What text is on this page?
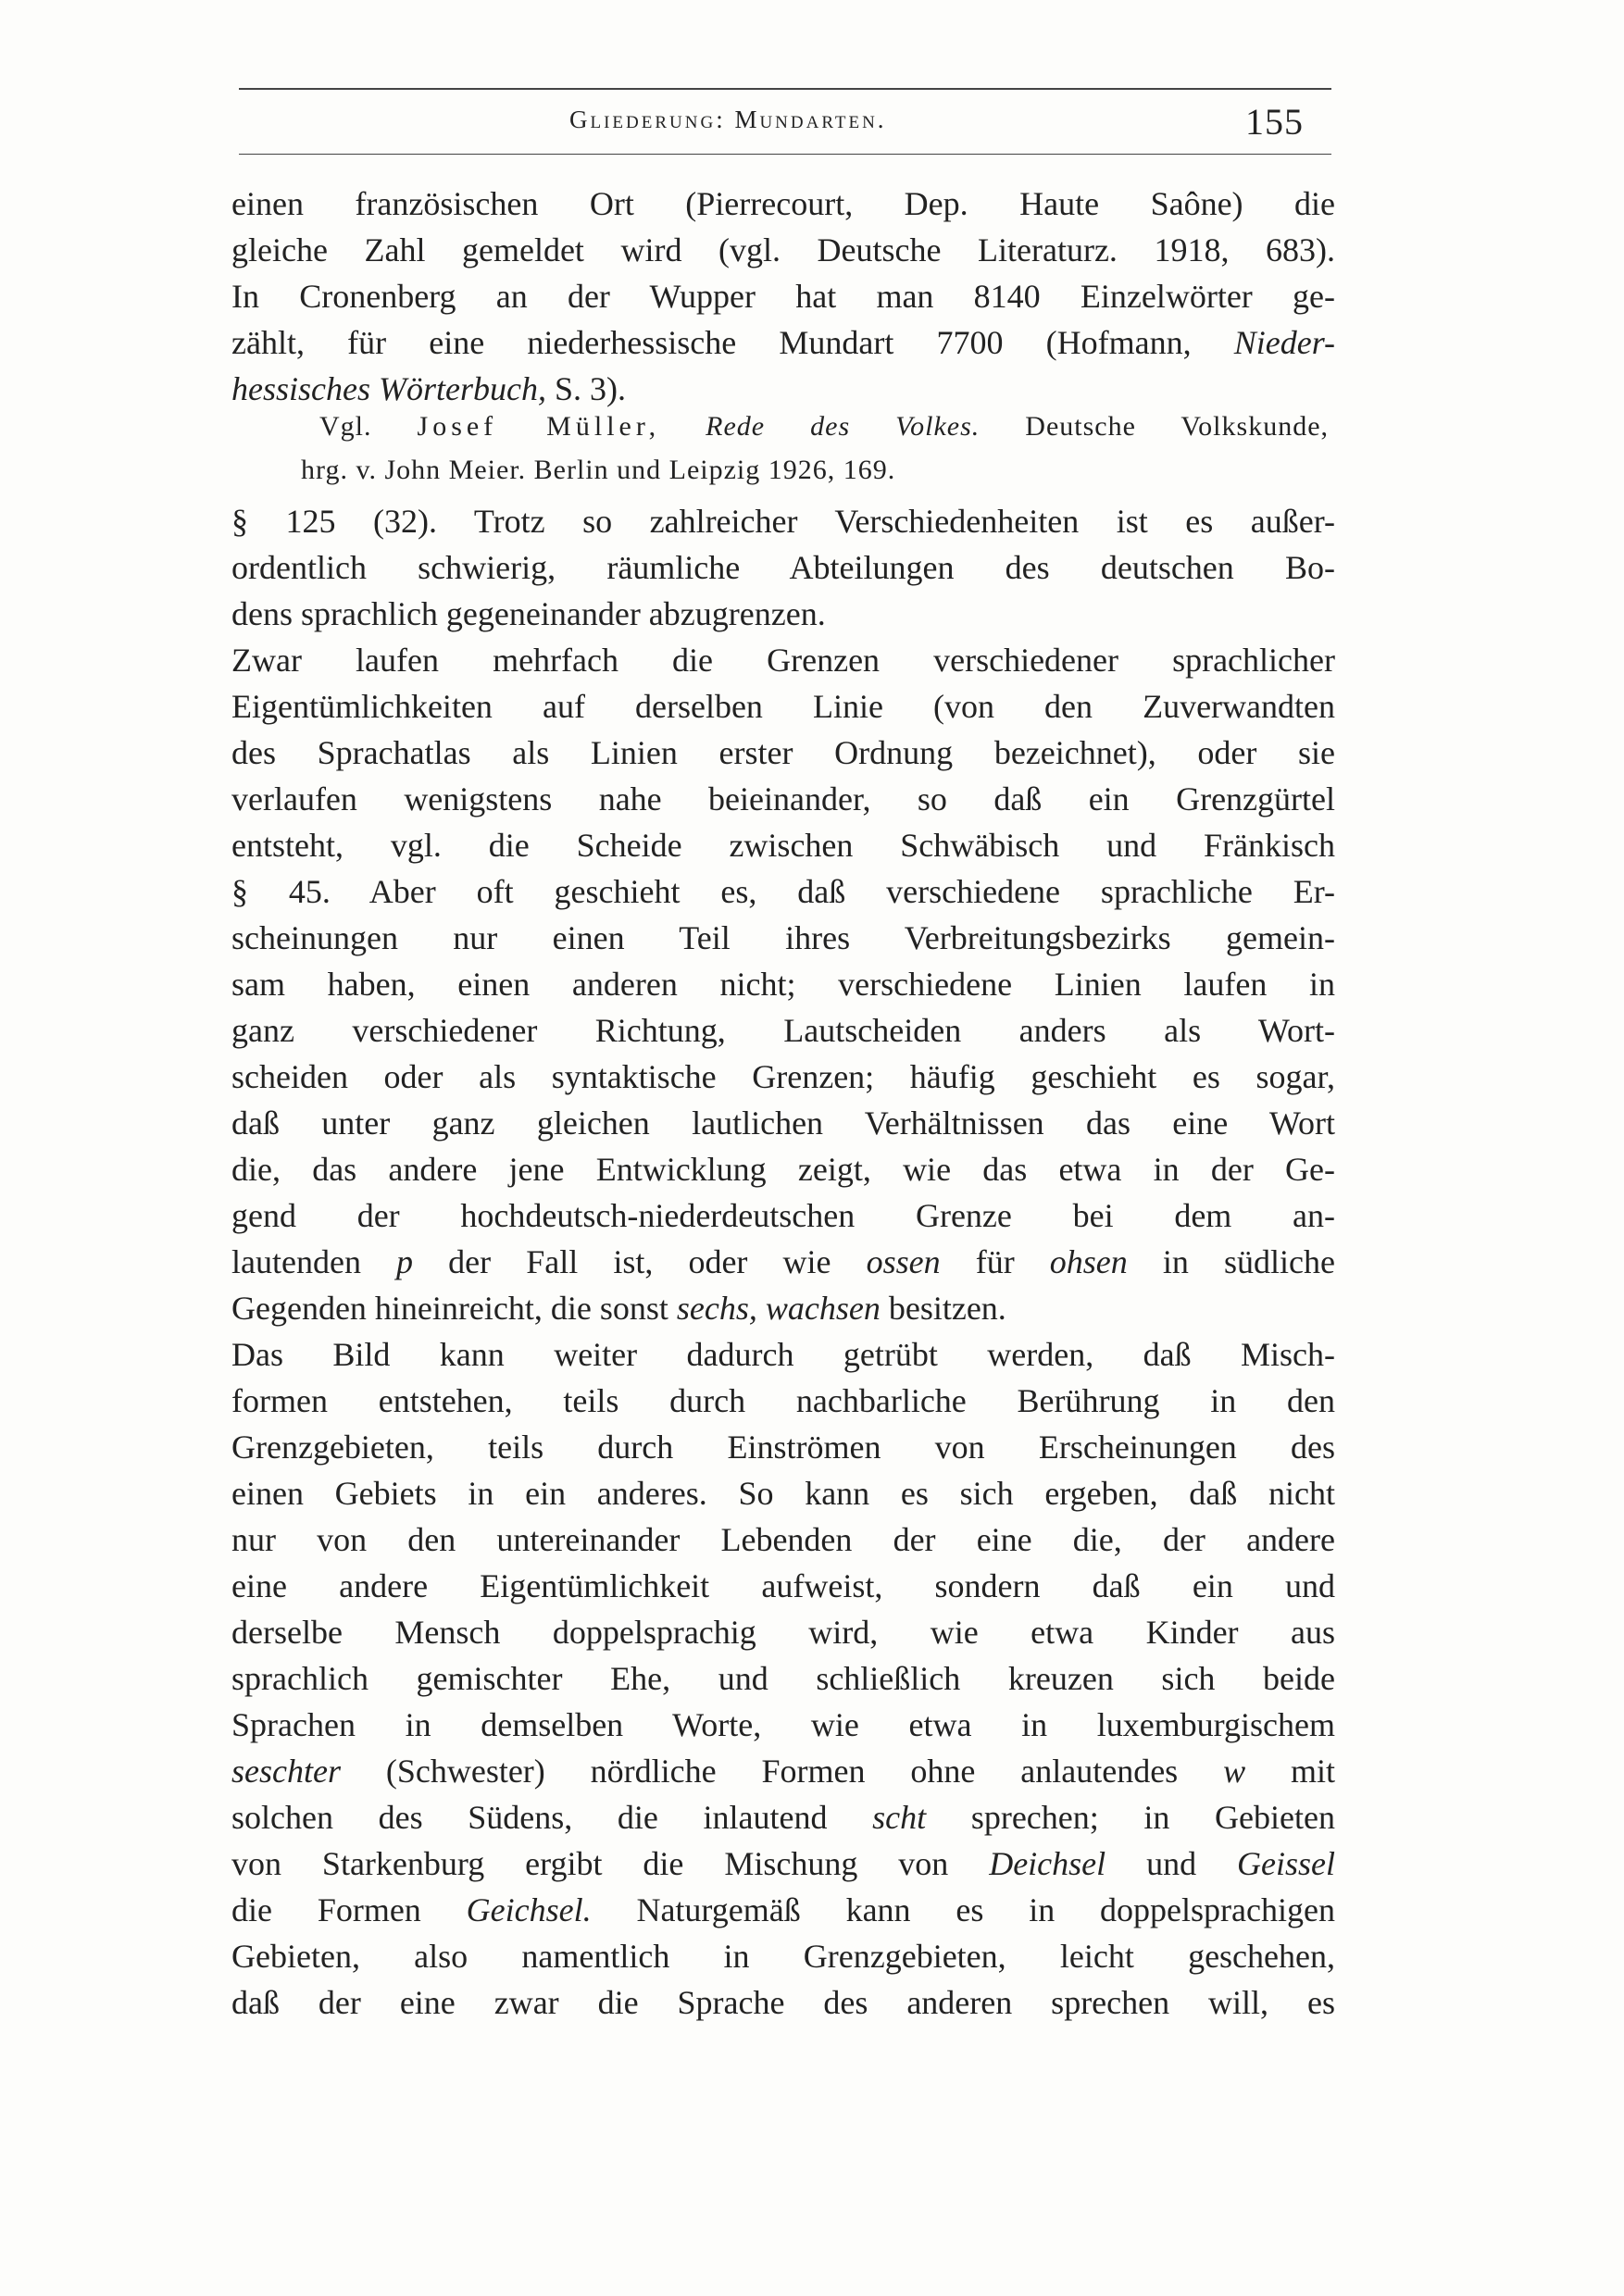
Gliederung: Mundarten.	155
einen französischen Ort (Pierrecourt, Dep. Haute Saône) die
gleiche Zahl gemeldet wird (vgl. Deutsche Literaturz. 1918, 683).
In Cronenberg an der Wupper hat man 8140 Einzelwörter ge-
zählt, für eine niederhessische Mundart 7700 (Hofmann, Nieder-
hessisches Wörterbuch, S. 3).
Vgl. Josef Müller, Rede des Volkes. Deutsche Volkskunde,
hrg. v. John Meier. Berlin und Leipzig 1926, 169.

§ 125 (32). Trotz so zahlreicher Verschiedenheiten ist es außer-
ordentlich schwierig, räumliche Abteilungen des deutschen Bo-
dens sprachlich gegeneinander abzugrenzen.

Zwar laufen mehrfach die Grenzen verschiedener sprachlicher
Eigentümlichkeiten auf derselben Linie (von den Zuverwandten
des Sprachatlas als Linien erster Ordnung bezeichnet), oder sie
verlaufen wenigstens nahe beieinander, so daß ein Grenzgürtel
entsteht, vgl. die Scheide zwischen Schwäbisch und Fränkisch
§ 45. Aber oft geschieht es, daß verschiedene sprachliche Er-
scheinungen nur einen Teil ihres Verbreitungsbezirks gemein-
sam haben, einen anderen nicht; verschiedene Linien laufen in
ganz verschiedener Richtung, Lautscheiden anders als Wort-
scheiden oder als syntaktische Grenzen; häufig geschieht es sogar,
daß unter ganz gleichen lautlichen Verhältnissen das eine Wort
die, das andere jene Entwicklung zeigt, wie das etwa in der Ge-
gend der hochdeutsch-niederdeutschen Grenze bei dem an-
lautenden p der Fall ist, oder wie ossen für ohsen in südliche
Gegenden hineinreicht, die sonst sechs, wachsen besitzen.

Das Bild kann weiter dadurch getrübt werden, daß Misch-
formen entstehen, teils durch nachbarliche Berührung in den
Grenzgebieten, teils durch Einströmen von Erscheinungen des
einen Gebiets in ein anderes. So kann es sich ergeben, daß nicht
nur von den untereinander Lebenden der eine die, der andere
eine andere Eigentümlichkeit aufweist, sondern daß ein und
derselbe Mensch doppelsprachig wird, wie etwa Kinder aus
sprachlich gemischter Ehe, und schließlich kreuzen sich beide
Sprachen in demselben Worte, wie etwa in luxemburgischem
seschter (Schwester) nördliche Formen ohne anlautendes w mit
solchen des Südens, die inlautend scht sprechen; in Gebieten
von Starkenburg ergibt die Mischung von Deichsel und Geissel
die Formen Geichsel. Naturgemäß kann es in doppelsprachigen
Gebieten, also namentlich in Grenzgebieten, leicht geschehen,
daß der eine zwar die Sprache des anderen sprechen will, es
